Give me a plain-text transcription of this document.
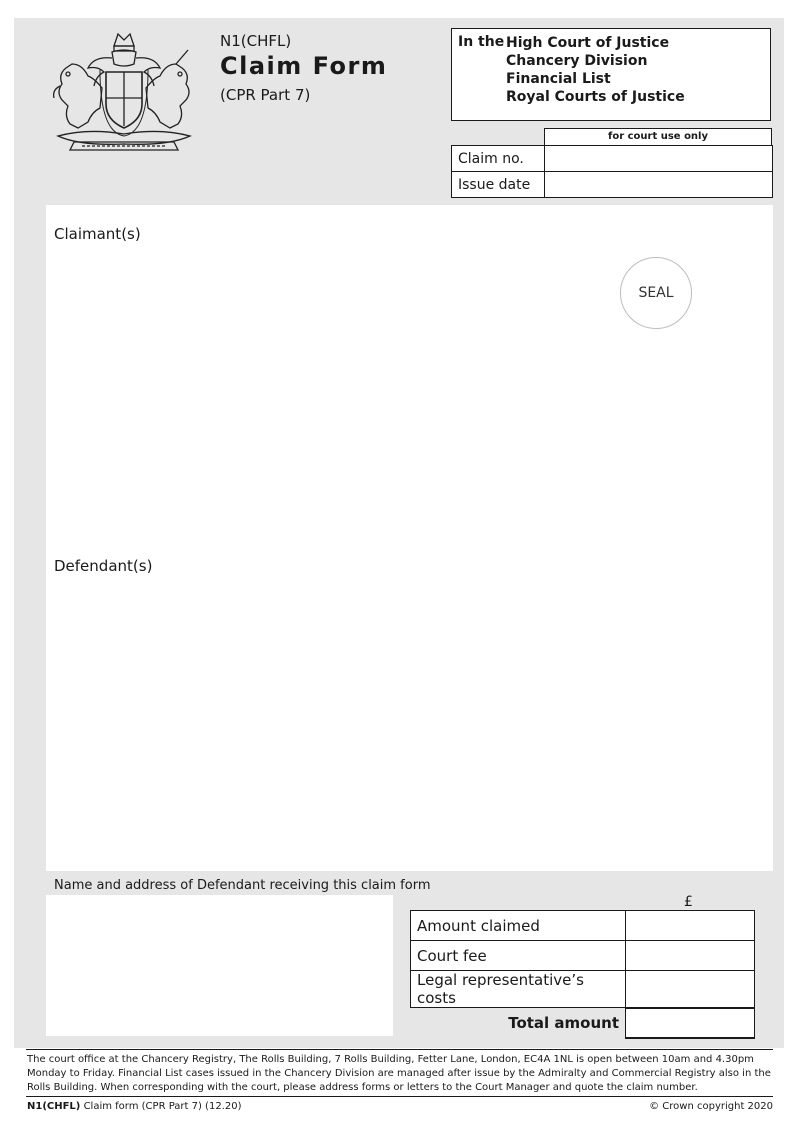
N1(CHFL)
Claim Form
(CPR Part 7)
In the High Court of Justice
Chancery Division
Financial List
Royal Courts of Justice
for court use only
Claim no.	
Issue date	
Claimant(s)
SEAL
Defendant(s)
Name and address of Defendant receiving this claim form
£
Amount claimed	
Court fee	
Legal representative’s costs	
Total amount	
The court office at the Chancery Registry, The Rolls Building, 7 Rolls Building, Fetter Lane, London, EC4A 1NL is open between 10am and 4.30pm Monday to Friday. Financial List cases issued in the Chancery Division are managed after issue by the Admiralty and Commercial Registry also in the Rolls Building. When corresponding with the court, please address forms or letters to the Court Manager and quote the claim number.
N1(CHFL) Claim form (CPR Part 7) (12.20)	© Crown copyright 2020
